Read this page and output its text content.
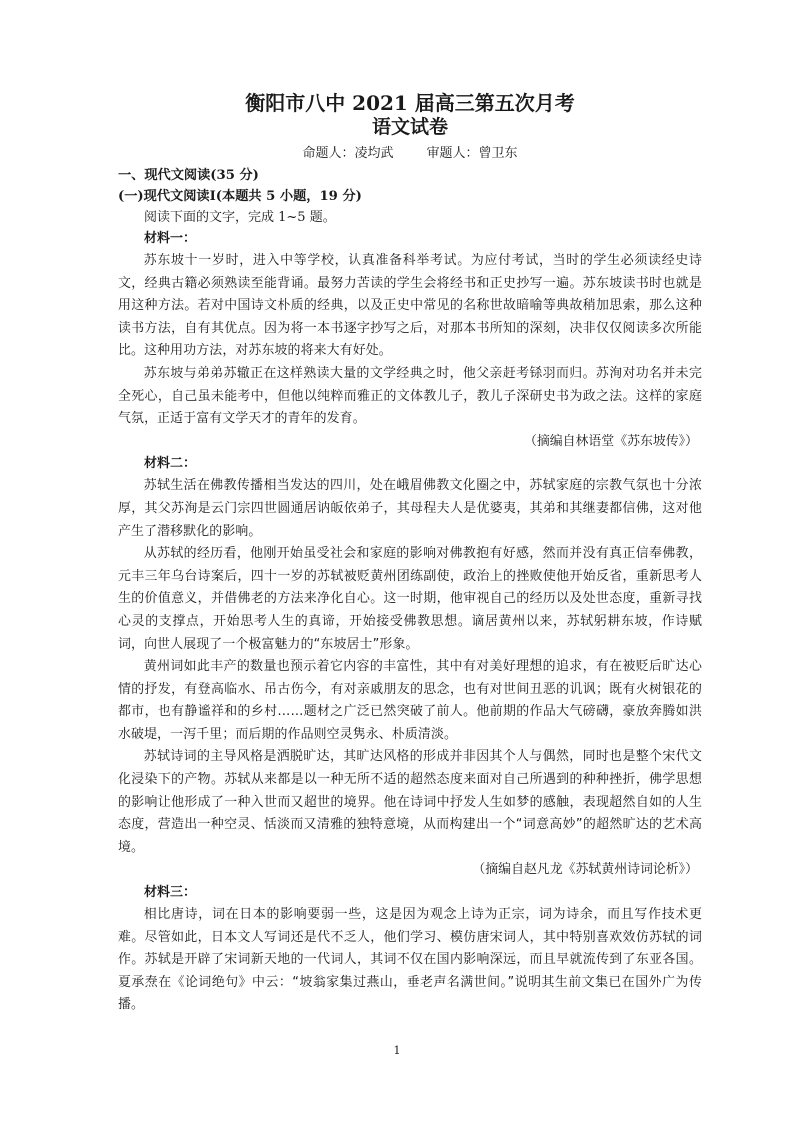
衡阳市八中 2021 届高三第五次月考
语文试卷
命题人：凌均武        审题人：曾卫东
一、现代文阅读(35 分)
(一)现代文阅读Ⅰ(本题共 5 小题，19 分)
阅读下面的文字，完成 1~5 题。
材料一：

苏东坡十一岁时，进入中等学校，认真准备科举考试。为应付考试，当时的学生必须读经史诗文，经典古籍必须熟读至能背诵。最努力苦读的学生会将经书和正史抄写一遍。苏东坡读书时也就是用这种方法。若对中国诗文朴质的经典，以及正史中常见的名称世故暗喻等典故稍加思索，那么这种读书方法，自有其优点。因为将一本书逐字抄写之后，对那本书所知的深刻，决非仅仅阅读多次所能比。这种用功方法，对苏东坡的将来大有好处。

苏东坡与弟弟苏辙正在这样熟读大量的文学经典之时，他父亲赶考铩羽而归。苏洵对功名并未完全死心，自己虽未能考中，但他以纯粹而雅正的文体教儿子，教儿子深研史书为政之法。这样的家庭气氛，正适于富有文学天才的青年的发育。

（摘编自林语堂《苏东坡传》）
材料二：

苏轼生活在佛教传播相当发达的四川，处在峨眉佛教文化圈之中，苏轼家庭的宗教气氛也十分浓厚，其父苏洵是云门宗四世圆通居讷皈依弟子，其母程夫人是优婆夷，其弟和其继妻都信佛，这对他产生了潜移默化的影响。

从苏轼的经历看，他刚开始虽受社会和家庭的影响对佛教抱有好感，然而并没有真正信奉佛教，元丰三年乌台诗案后，四十一岁的苏轼被贬黄州团练副使，政治上的挫败使他开始反省，重新思考人生的价值意义，并借佛老的方法来净化自心。这一时期，他审视自己的经历以及处世态度，重新寻找心灵的支撑点，开始思考人生的真谛，开始接受佛教思想。谪居黄州以来，苏轼躬耕东坡，作诗赋词，向世人展现了一个极富魅力的“东坡居士”形象。

黄州词如此丰产的数量也预示着它内容的丰富性，其中有对美好理想的追求，有在被贬后旷达心情的抒发，有登高临水、吊古伤今，有对亲戚朋友的思念，也有对世间丑恶的讥讽；既有火树银花的都市，也有静谧祥和的乡村……题材之广泛已然突破了前人。他前期的作品大气磅礴，豪放奔腾如洪水破堤，一泻千里；而后期的作品则空灵隽永、朴质清淡。

苏轼诗词的主导风格是洒脱旷达，其旷达风格的形成并非因其个人与偶然，同时也是整个宋代文化浸染下的产物。苏轼从来都是以一种无所不适的超然态度来面对自己所遇到的种种挫折，佛学思想的影响让他形成了一种入世而又超世的境界。他在诗词中抒发人生如梦的感触，表现超然自如的人生态度，营造出一种空灵、恬淡而又清雅的独特意境，从而构建出一个“词意高妙”的超然旷达的艺术高境。

（摘编自赵凡龙《苏轼黄州诗词论析》）
材料三：

相比唐诗，词在日本的影响要弱一些，这是因为观念上诗为正宗，词为诗余，而且写作技术更难。尽管如此，日本文人写词还是代不乏人，他们学习、模仿唐宋词人，其中特别喜欢效仿苏轼的词作。苏轼是开辟了宋词新天地的一代词人，其词不仅在国内影响深远，而且早就流传到了东亚各国。夏承焘在《论词绝句》中云：“坡翁家集过燕山，垂老声名满世间。”说明其生前文集已在国外广为传播。

1
